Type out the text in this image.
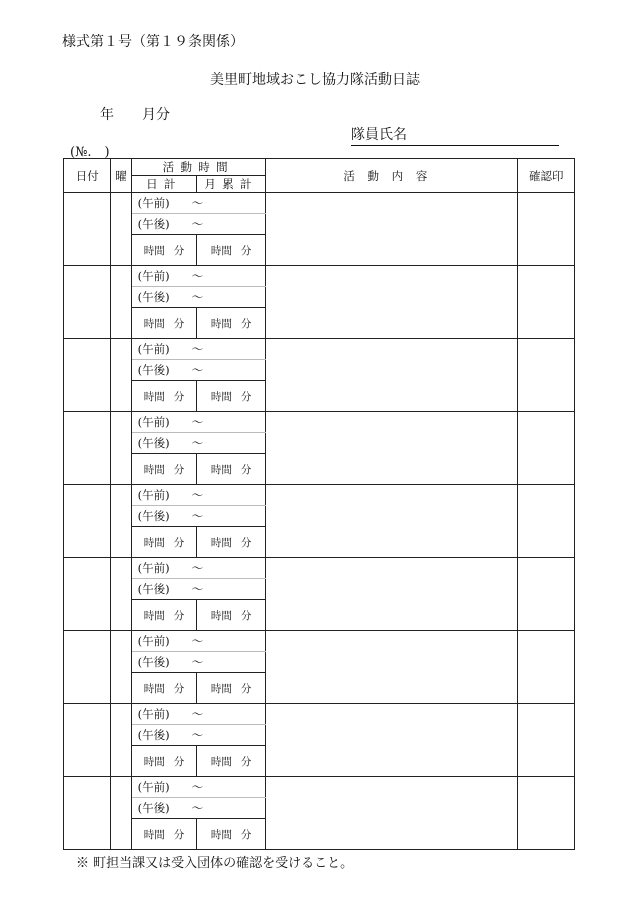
様式第１号（第１９条関係）
美里町地域おこし協力隊活動日誌
年 月分
隊員氏名
(№.　)
日付	曜	活動時間		活動内容	確認印
		日計	月累計		
		(午前) ～			
		(午後) ～			
		時間 分	時間 分		
		(午前) ～			
		(午後) ～			
		時間 分	時間 分		
		(午前) ～			
		(午後) ～			
		時間 分	時間 分		
		(午前) ～			
		(午後) ～			
		時間 分	時間 分		
		(午前) ～			
		(午後) ～			
		時間 分	時間 分		
		(午前) ～			
		(午後) ～			
		時間 分	時間 分		
		(午前) ～			
		(午後) ～			
		時間 分	時間 分		
		(午前) ～			
		(午後) ～			
		時間 分	時間 分		
		(午前) ～			
		(午後) ～			
		時間 分	時間 分		
※ 町担当課又は受入団体の確認を受けること。
